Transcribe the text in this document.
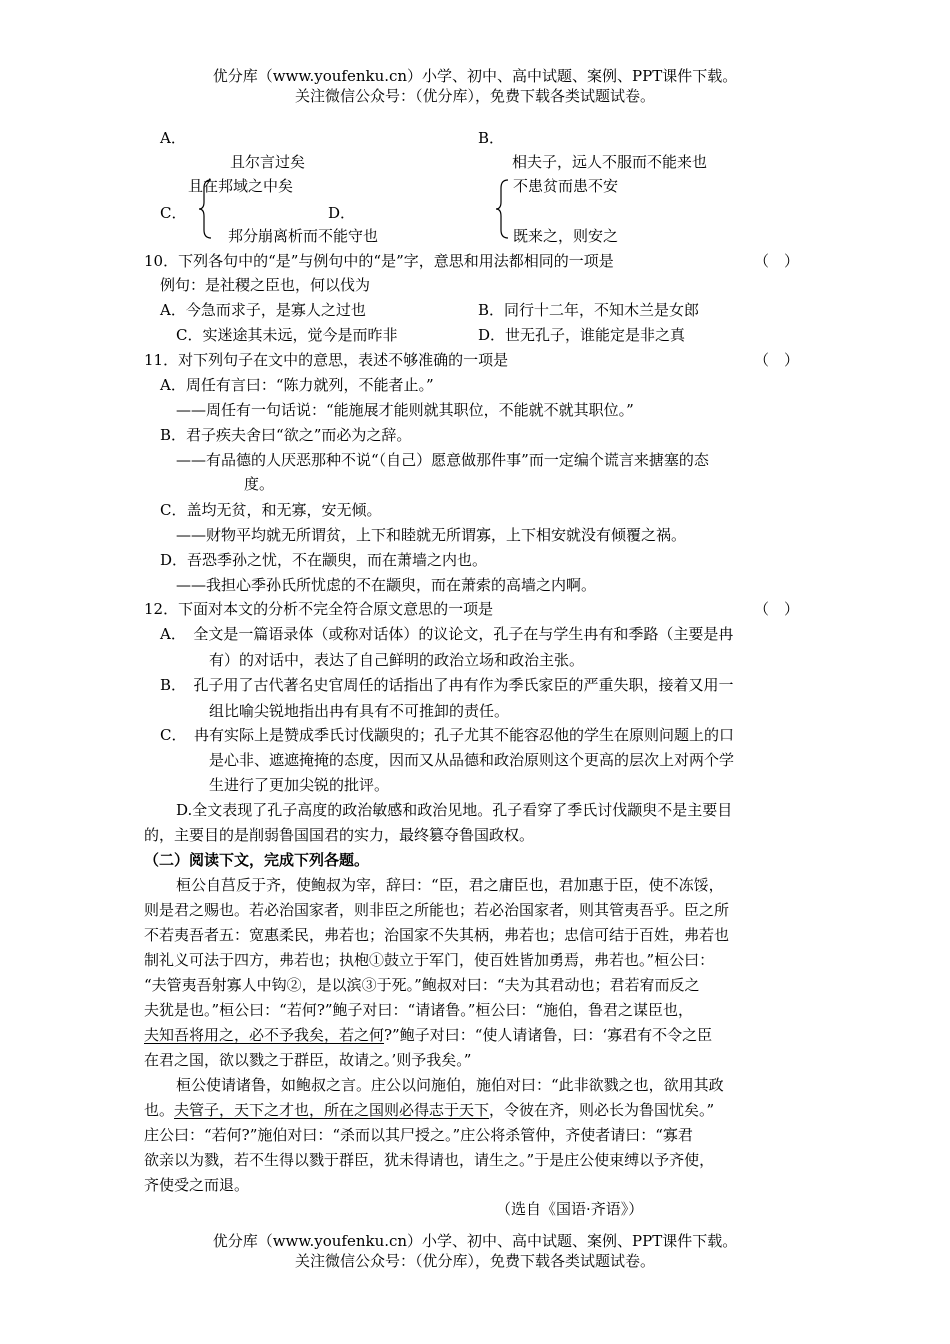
优分库（www.youfenku.cn）小学、初中、高中试题、案例、PPT课件下载。
关注微信公众号：（优分库），免费下载各类试题试卷。
A．	B．
且尔言过矣	相夫子，远人不服而不能来也
且在邦域之中矣	不患贫而患不安
C．	D．
邦分崩离析而不能守也	既来之，则安之
10．下列各句中的“是”与例句中的“是”字，意思和用法都相同的一项是	（　）
例句：是社稷之臣也，何以伐为
A．今急而求子，是寡人之过也	B．同行十二年，不知木兰是女郎
C．实迷途其未远，觉今是而昨非	D．世无孔子，谁能定是非之真
11．对下列句子在文中的意思，表述不够准确的一项是	（　）
A．周任有言曰：“陈力就列，不能者止。”
——周任有一句话说：“能施展才能则就其职位，不能就不就其职位。”
B．君子疾夫舍曰“欲之”而必为之辞。
——有品德的人厌恶那种不说“（自己）愿意做那件事”而一定编个谎言来搪塞的态
度。
C．盖均无贫，和无寡，安无倾。
——财物平均就无所谓贫，上下和睦就无所谓寡，上下相安就没有倾覆之祸。
D．吾恐季孙之忧，不在颛臾，而在萧墙之内也。
——我担心季孙氏所忧虑的不在颛臾，而在萧索的高墙之内啊。
12．下面对本文的分析不完全符合原文意思的一项是	（　）
A．　全文是一篇语录体（或称对话体）的议论文，孔子在与学生冉有和季路（主要是冉
有）的对话中，表达了自己鲜明的政治立场和政治主张。
B．　孔子用了古代著名史官周任的话指出了冉有作为季氏家臣的严重失职，接着又用一
组比喻尖锐地指出冉有具有不可推卸的责任。
C．　冉有实际上是赞成季氏讨伐颛臾的；孔子尤其不能容忍他的学生在原则问题上的口
是心非、遮遮掩掩的态度，因而又从品德和政治原则这个更高的层次上对两个学
生进行了更加尖锐的批评。
D.全文表现了孔子高度的政治敏感和政治见地。孔子看穿了季氏讨伐颛臾不是主要目
的，主要目的是削弱鲁国国君的实力，最终篡夺鲁国政权。
（二）阅读下文，完成下列各题。
桓公自莒反于齐，使鲍叔为宰，辞曰：“臣，君之庸臣也，君加惠于臣，使不冻馁，
则是君之赐也。若必治国家者，则非臣之所能也；若必治国家者，则其管夷吾乎。臣之所
不若夷吾者五：宽惠柔民，弗若也；治国家不失其柄，弗若也；忠信可结于百姓，弗若也
制礼义可法于四方，弗若也；执枹①鼓立于军门，使百姓皆加勇焉，弗若也。”桓公曰：
“夫管夷吾射寡人中钩②，是以滨③于死。”鲍叔对曰：“夫为其君动也；君若宥而反之
夫犹是也。”桓公曰：“若何?”鲍子对曰：“请诸鲁。”桓公曰：“施伯，鲁君之谋臣也，
夫知吾将用之，必不予我矣，若之何?”鲍子对曰：“使人请诸鲁，曰：‘寡君有不令之臣
在君之国，欲以戮之于群臣，故请之。’则予我矣。”
桓公使请诸鲁，如鲍叔之言。庄公以问施伯，施伯对曰：“此非欲戮之也，欲用其政
也。夫管子，天下之才也，所在之国则必得志于天下，令彼在齐，则必长为鲁国忧矣。”
庄公曰：“若何?”施伯对曰：“杀而以其尸授之。”庄公将杀管仲，齐使者请曰：“寡君
欲亲以为戮，若不生得以戮于群臣，犹未得请也，请生之。”于是庄公使束缚以予齐使，
齐使受之而退。
（选自《国语·齐语》）
优分库（www.youfenku.cn）小学、初中、高中试题、案例、PPT课件下载。
关注微信公众号：（优分库），免费下载各类试题试卷。
